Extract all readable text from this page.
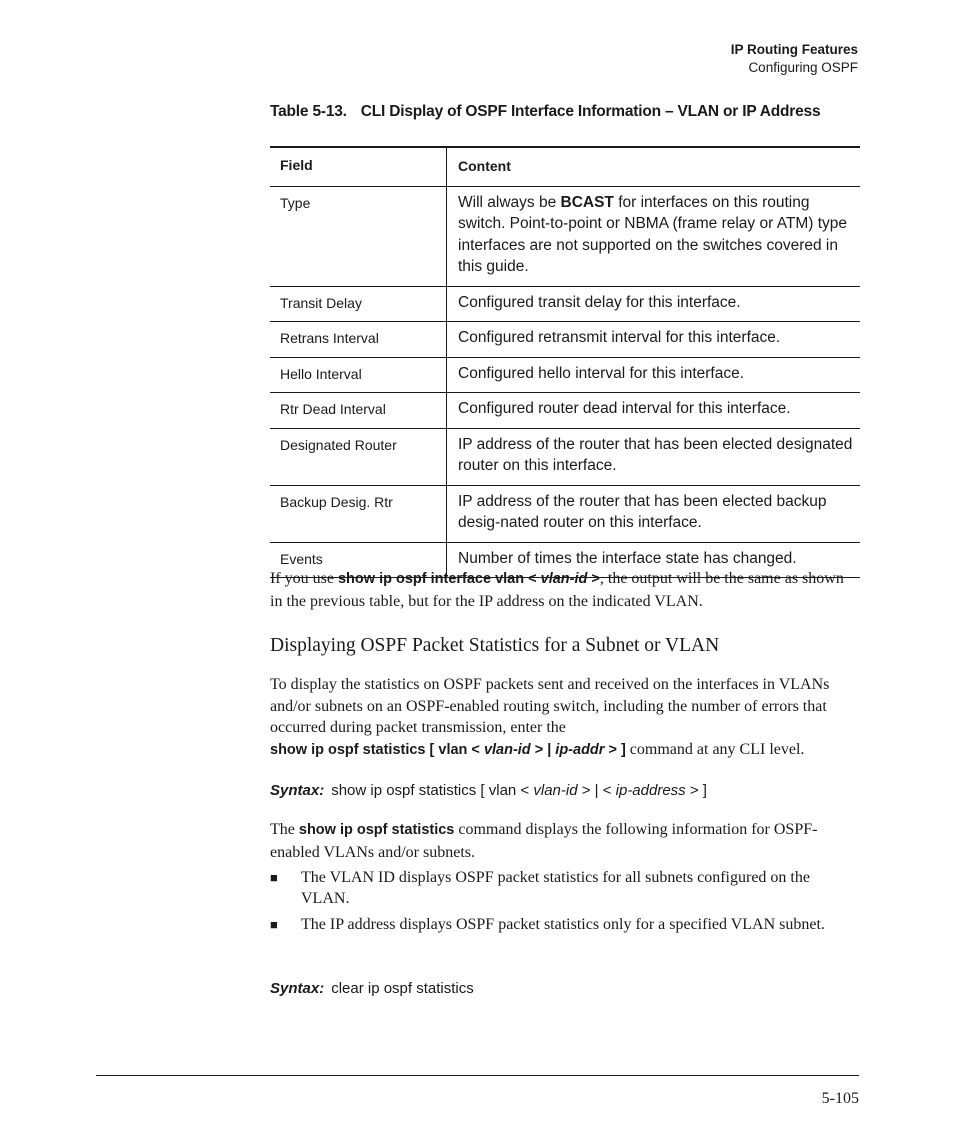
IP Routing Features
Configuring OSPF
Table 5-13. CLI Display of OSPF Interface Information – VLAN or IP Address
Field	Content
Type	Will always be BCAST for interfaces on this routing switch. Point-to-point or NBMA (frame relay or ATM) type interfaces are not supported on the switches covered in this guide.
Transit Delay	Configured transit delay for this interface.
Retrans Interval	Configured retransmit interval for this interface.
Hello Interval	Configured hello interval for this interface.
Rtr Dead Interval	Configured router dead interval for this interface.
Designated Router	IP address of the router that has been elected designated router on this interface.
Backup Desig. Rtr	IP address of the router that has been elected backup desig-nated router on this interface.
Events	Number of times the interface state has changed.
If you use show ip ospf interface vlan < vlan-id >, the output will be the same as shown in the previous table, but for the IP address on the indicated VLAN.
Displaying OSPF Packet Statistics for a Subnet or VLAN
To display the statistics on OSPF packets sent and received on the interfaces in VLANs and/or subnets on an OSPF-enabled routing switch, including the number of errors that occurred during packet transmission, enter the
show ip ospf statistics [ vlan < vlan-id > | ip-addr > ] command at any CLI level.
Syntax: show ip ospf statistics [ vlan < vlan-id > | < ip-address > ]
The show ip ospf statistics command displays the following information for OSPF-enabled VLANs and/or subnets.
■ The VLAN ID displays OSPF packet statistics for all subnets configured on the VLAN.
■ The IP address displays OSPF packet statistics only for a specified VLAN subnet.
Syntax: clear ip ospf statistics
5-105
